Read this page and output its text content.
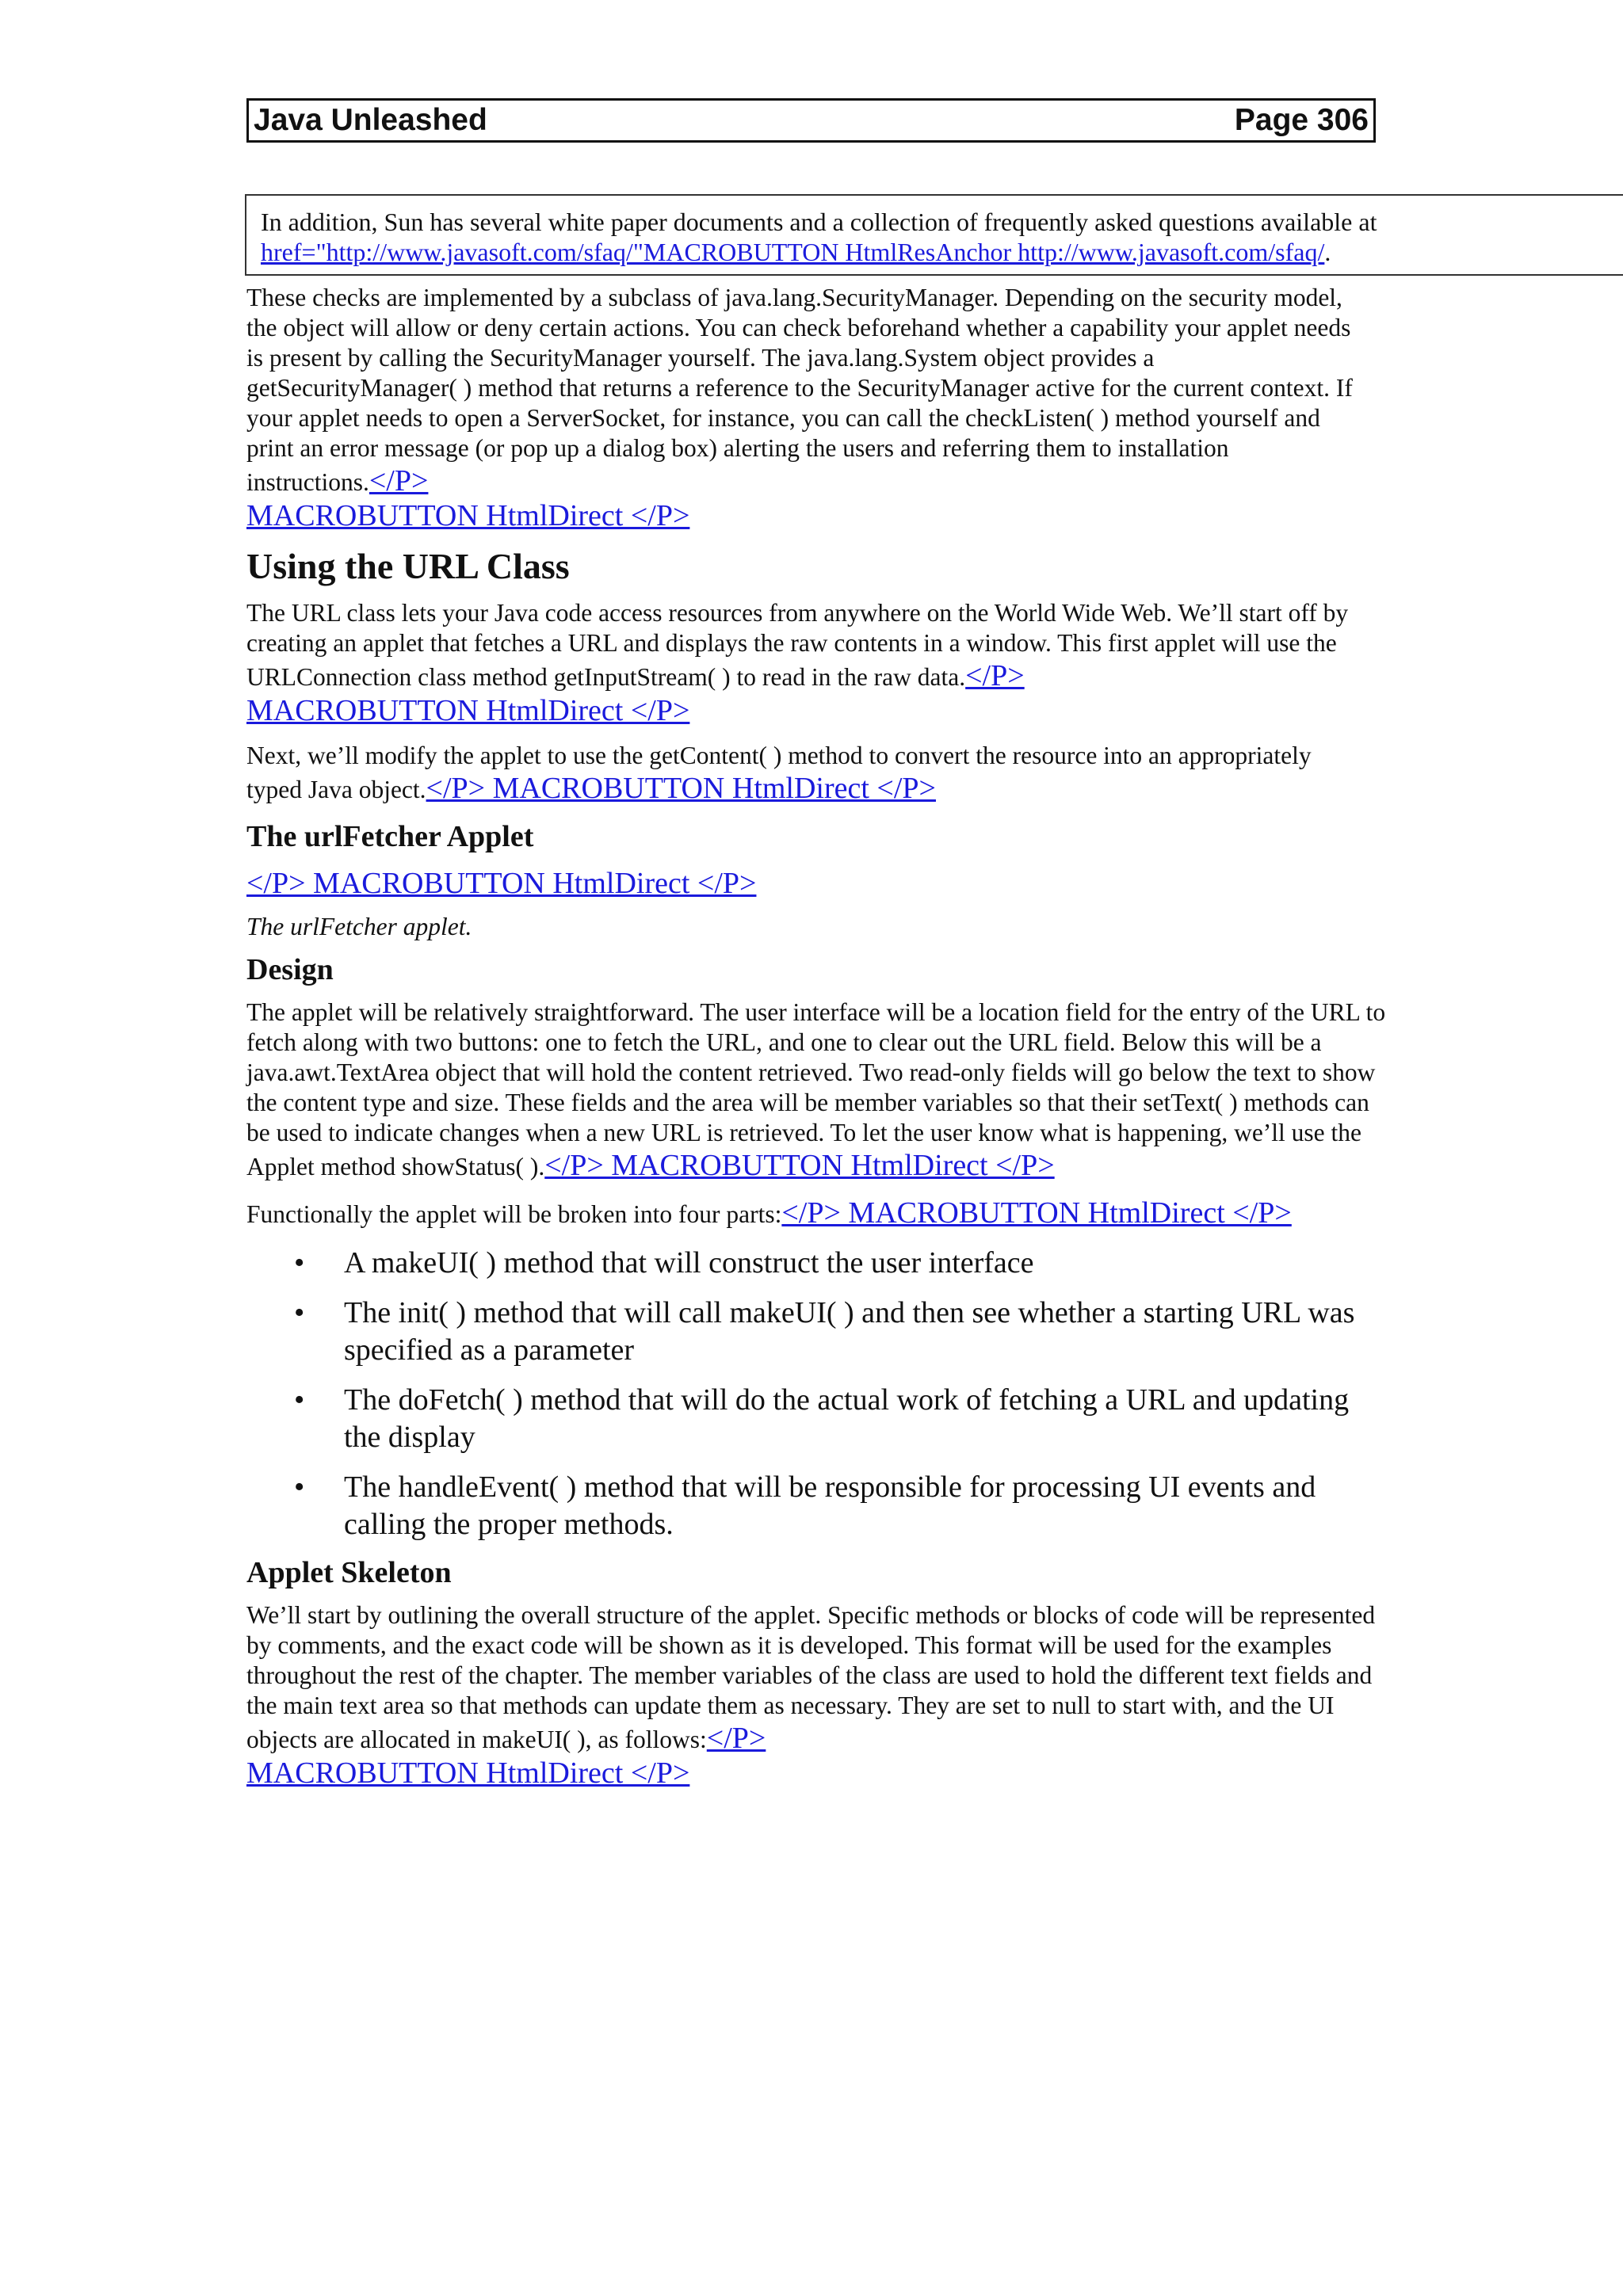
Java Unleashed	Page 306
In addition, Sun has several white paper documents and a collection of frequently asked questions available at
href="http://www.javasoft.com/sfaq/"MACROBUTTON HtmlResAnchor http://www.javasoft.com/sfaq/.

These checks are implemented by a subclass of java.lang.SecurityManager. Depending on the security model, the object will allow or deny certain actions. You can check beforehand whether a capability your applet needs is present by calling the SecurityManager yourself. The java.lang.System object provides a getSecurityManager( ) method that returns a reference to the SecurityManager active for the current context. If your applet needs to open a ServerSocket, for instance, you can call the checkListen( ) method yourself and print an error message (or pop up a dialog box) alerting the users and referring them to installation instructions.</P>
MACROBUTTON HtmlDirect </P>

Using the URL Class

The URL class lets your Java code access resources from anywhere on the World Wide Web. We’ll start off by creating an applet that fetches a URL and displays the raw contents in a window. This first applet will use the URLConnection class method getInputStream( ) to read in the raw data.</P>
MACROBUTTON HtmlDirect </P>

Next, we’ll modify the applet to use the getContent( ) method to convert the resource into an appropriately typed Java object.</P> MACROBUTTON HtmlDirect </P>

The urlFetcher Applet

</P> MACROBUTTON HtmlDirect </P>

The urlFetcher applet.

Design

The applet will be relatively straightforward. The user interface will be a location field for the entry of the URL to fetch along with two buttons: one to fetch the URL, and one to clear out the URL field. Below this will be a java.awt.TextArea object that will hold the content retrieved. Two read-only fields will go below the text to show the content type and size. These fields and the area will be member variables so that their setText( ) methods can be used to indicate changes when a new URL is retrieved. To let the user know what is happening, we’ll use the Applet method showStatus( ).</P> MACROBUTTON HtmlDirect </P>

Functionally the applet will be broken into four parts:</P> MACROBUTTON HtmlDirect </P>

• A makeUI( ) method that will construct the user interface
• The init( ) method that will call makeUI( ) and then see whether a starting URL was specified as a parameter
• The doFetch( ) method that will do the actual work of fetching a URL and updating the display
• The handleEvent( ) method that will be responsible for processing UI events and calling the proper methods.
Applet Skeleton

We’ll start by outlining the overall structure of the applet. Specific methods or blocks of code will be represented by comments, and the exact code will be shown as it is developed. This format will be used for the examples throughout the rest of the chapter. The member variables of the class are used to hold the different text fields and the main text area so that methods can update them as necessary. They are set to null to start with, and the UI objects are allocated in makeUI( ), as follows:</P>
MACROBUTTON HtmlDirect </P>
